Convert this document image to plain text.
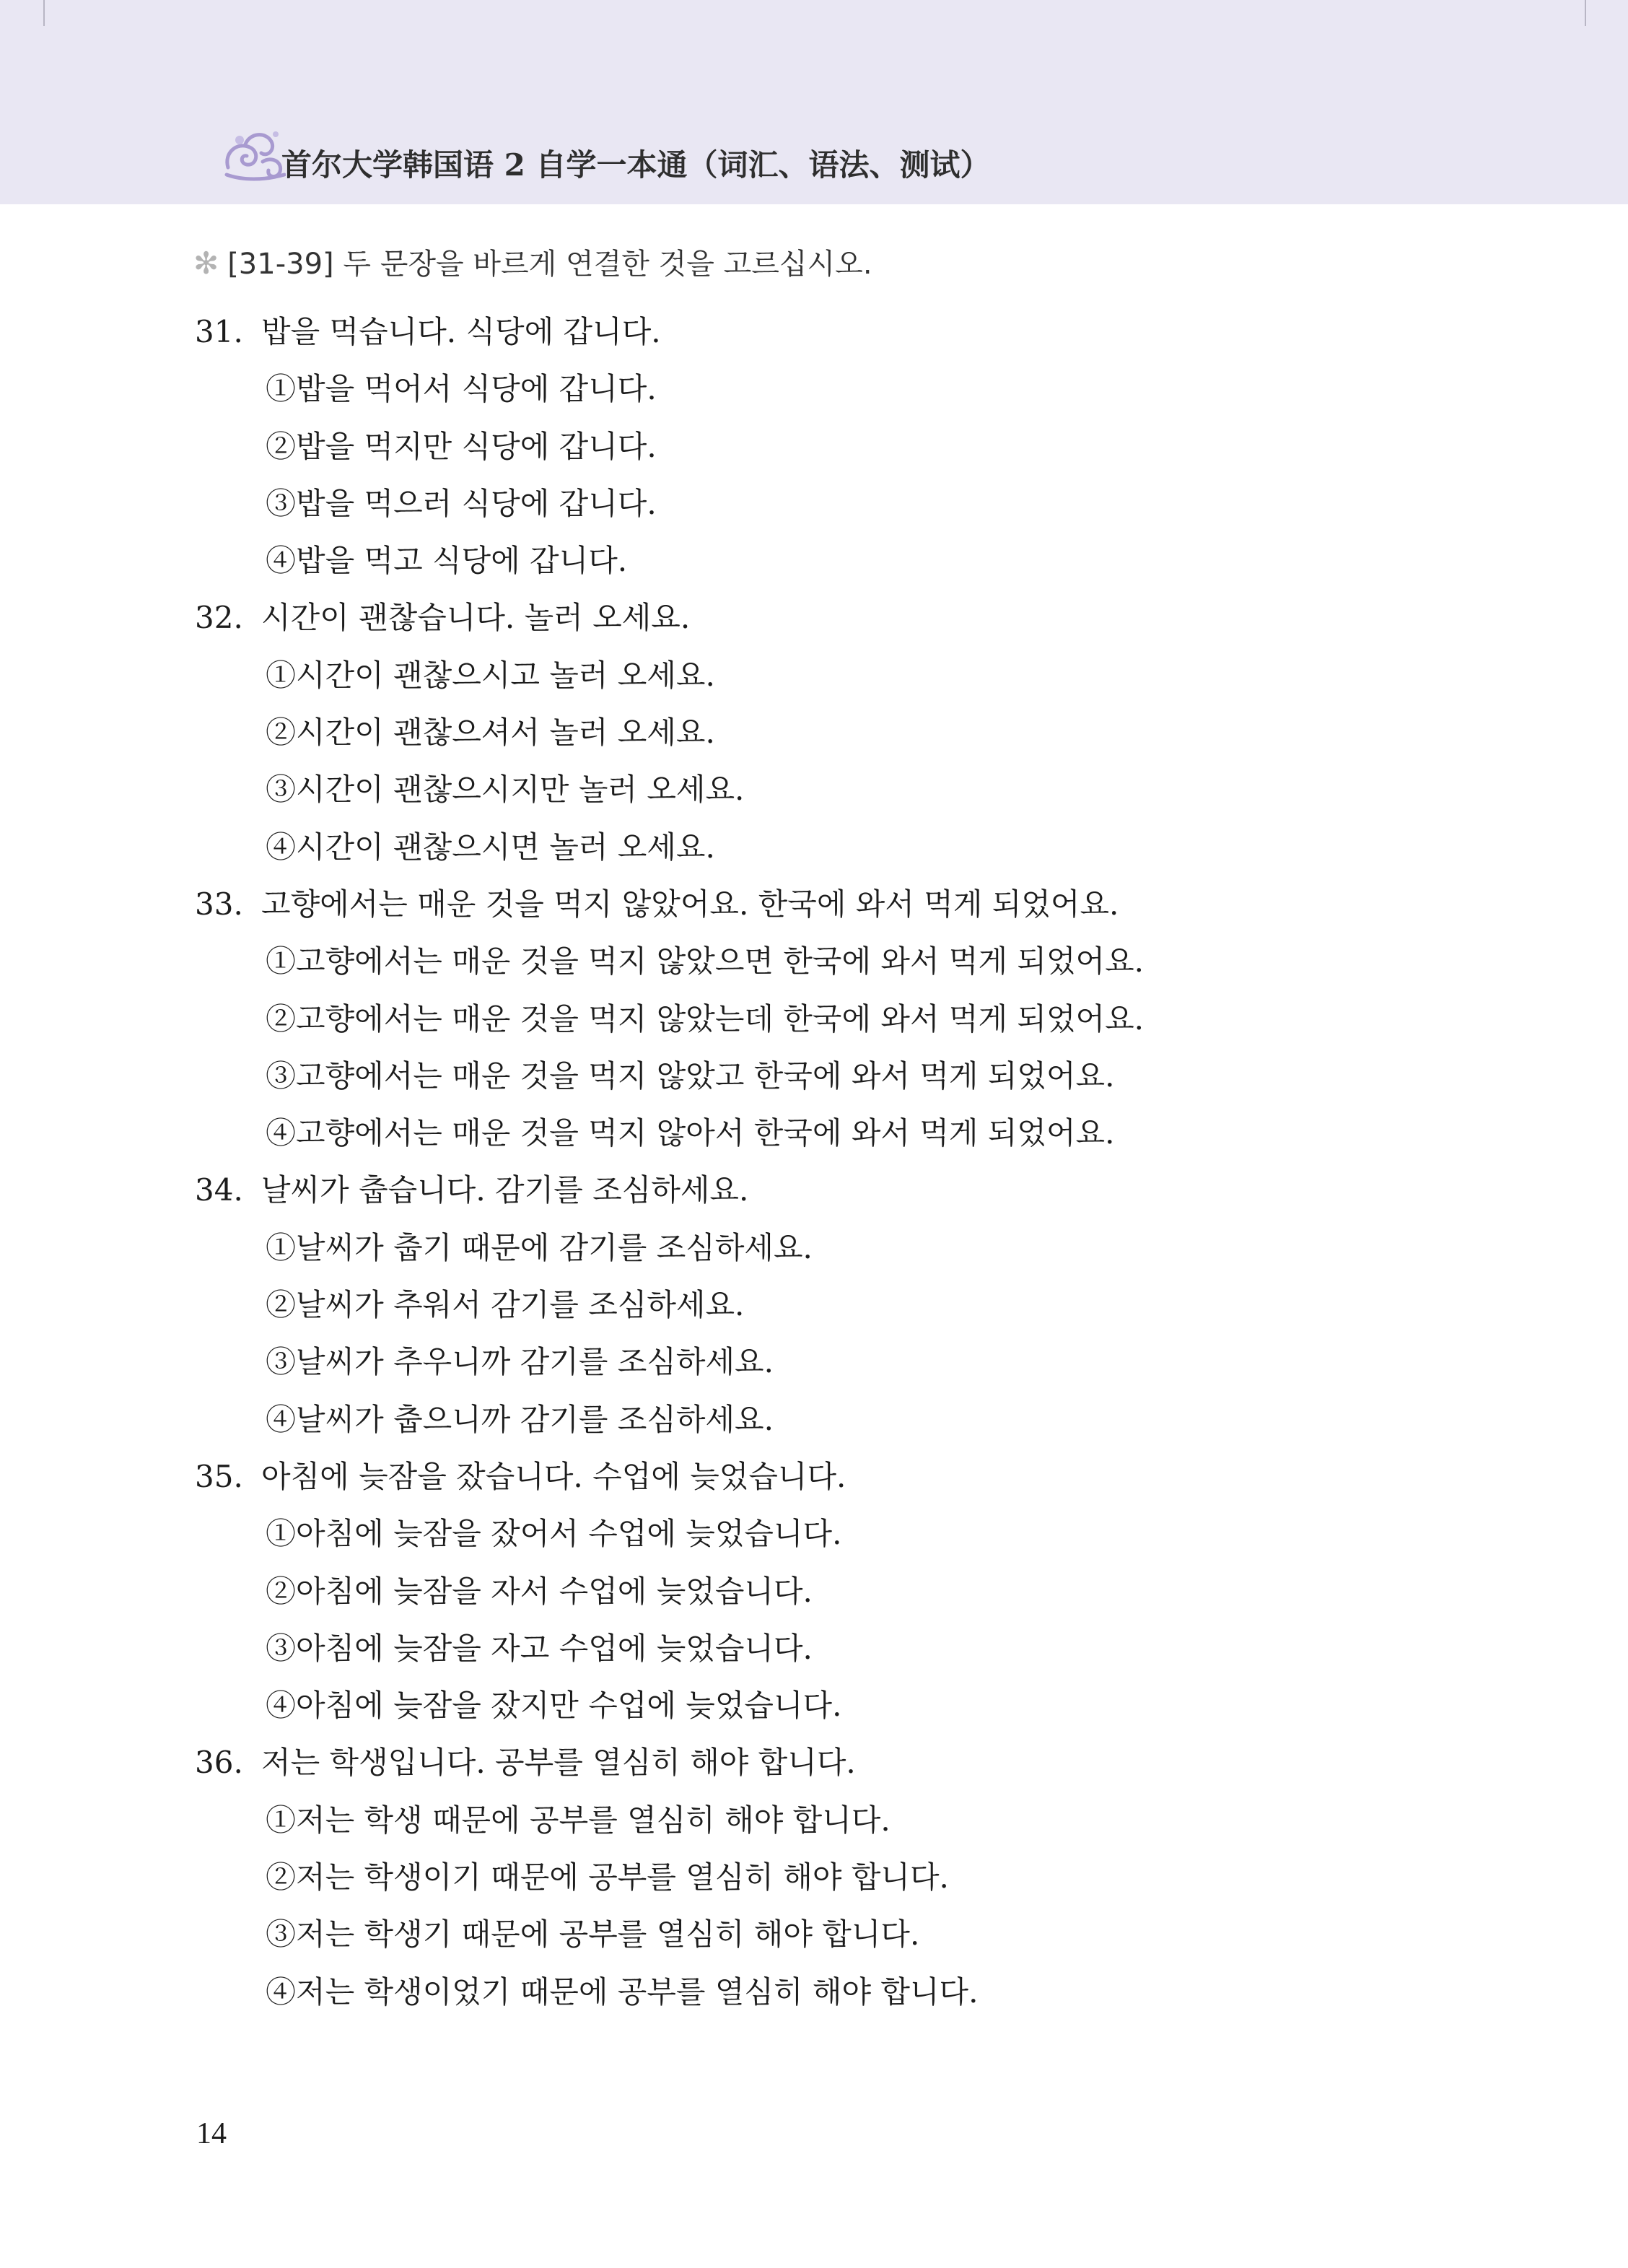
首尔大学韩国语 2 自学一本通（词汇、语法、测试）

✻ [31-39] 두 문장을 바르게 연결한 것을 고르십시오.

31. 밥을 먹습니다. 식당에 갑니다.
①밥을 먹어서 식당에 갑니다.
②밥을 먹지만 식당에 갑니다.
③밥을 먹으러 식당에 갑니다.
④밥을 먹고 식당에 갑니다.
32. 시간이 괜찮습니다. 놀러 오세요.
①시간이 괜찮으시고 놀러 오세요.
②시간이 괜찮으셔서 놀러 오세요.
③시간이 괜찮으시지만 놀러 오세요.
④시간이 괜찮으시면 놀러 오세요.
33. 고향에서는 매운 것을 먹지 않았어요. 한국에 와서 먹게 되었어요.
①고향에서는 매운 것을 먹지 않았으면 한국에 와서 먹게 되었어요.
②고향에서는 매운 것을 먹지 않았는데 한국에 와서 먹게 되었어요.
③고향에서는 매운 것을 먹지 않았고 한국에 와서 먹게 되었어요.
④고향에서는 매운 것을 먹지 않아서 한국에 와서 먹게 되었어요.
34. 날씨가 춥습니다. 감기를 조심하세요.
①날씨가 춥기 때문에 감기를 조심하세요.
②날씨가 추워서 감기를 조심하세요.
③날씨가 추우니까 감기를 조심하세요.
④날씨가 춥으니까 감기를 조심하세요.
35. 아침에 늦잠을 잤습니다. 수업에 늦었습니다.
①아침에 늦잠을 잤어서 수업에 늦었습니다.
②아침에 늦잠을 자서 수업에 늦었습니다.
③아침에 늦잠을 자고 수업에 늦었습니다.
④아침에 늦잠을 잤지만 수업에 늦었습니다.
36. 저는 학생입니다. 공부를 열심히 해야 합니다.
①저는 학생 때문에 공부를 열심히 해야 합니다.
②저는 학생이기 때문에 공부를 열심히 해야 합니다.
③저는 학생기 때문에 공부를 열심히 해야 합니다.
④저는 학생이었기 때문에 공부를 열심히 해야 합니다.

14
